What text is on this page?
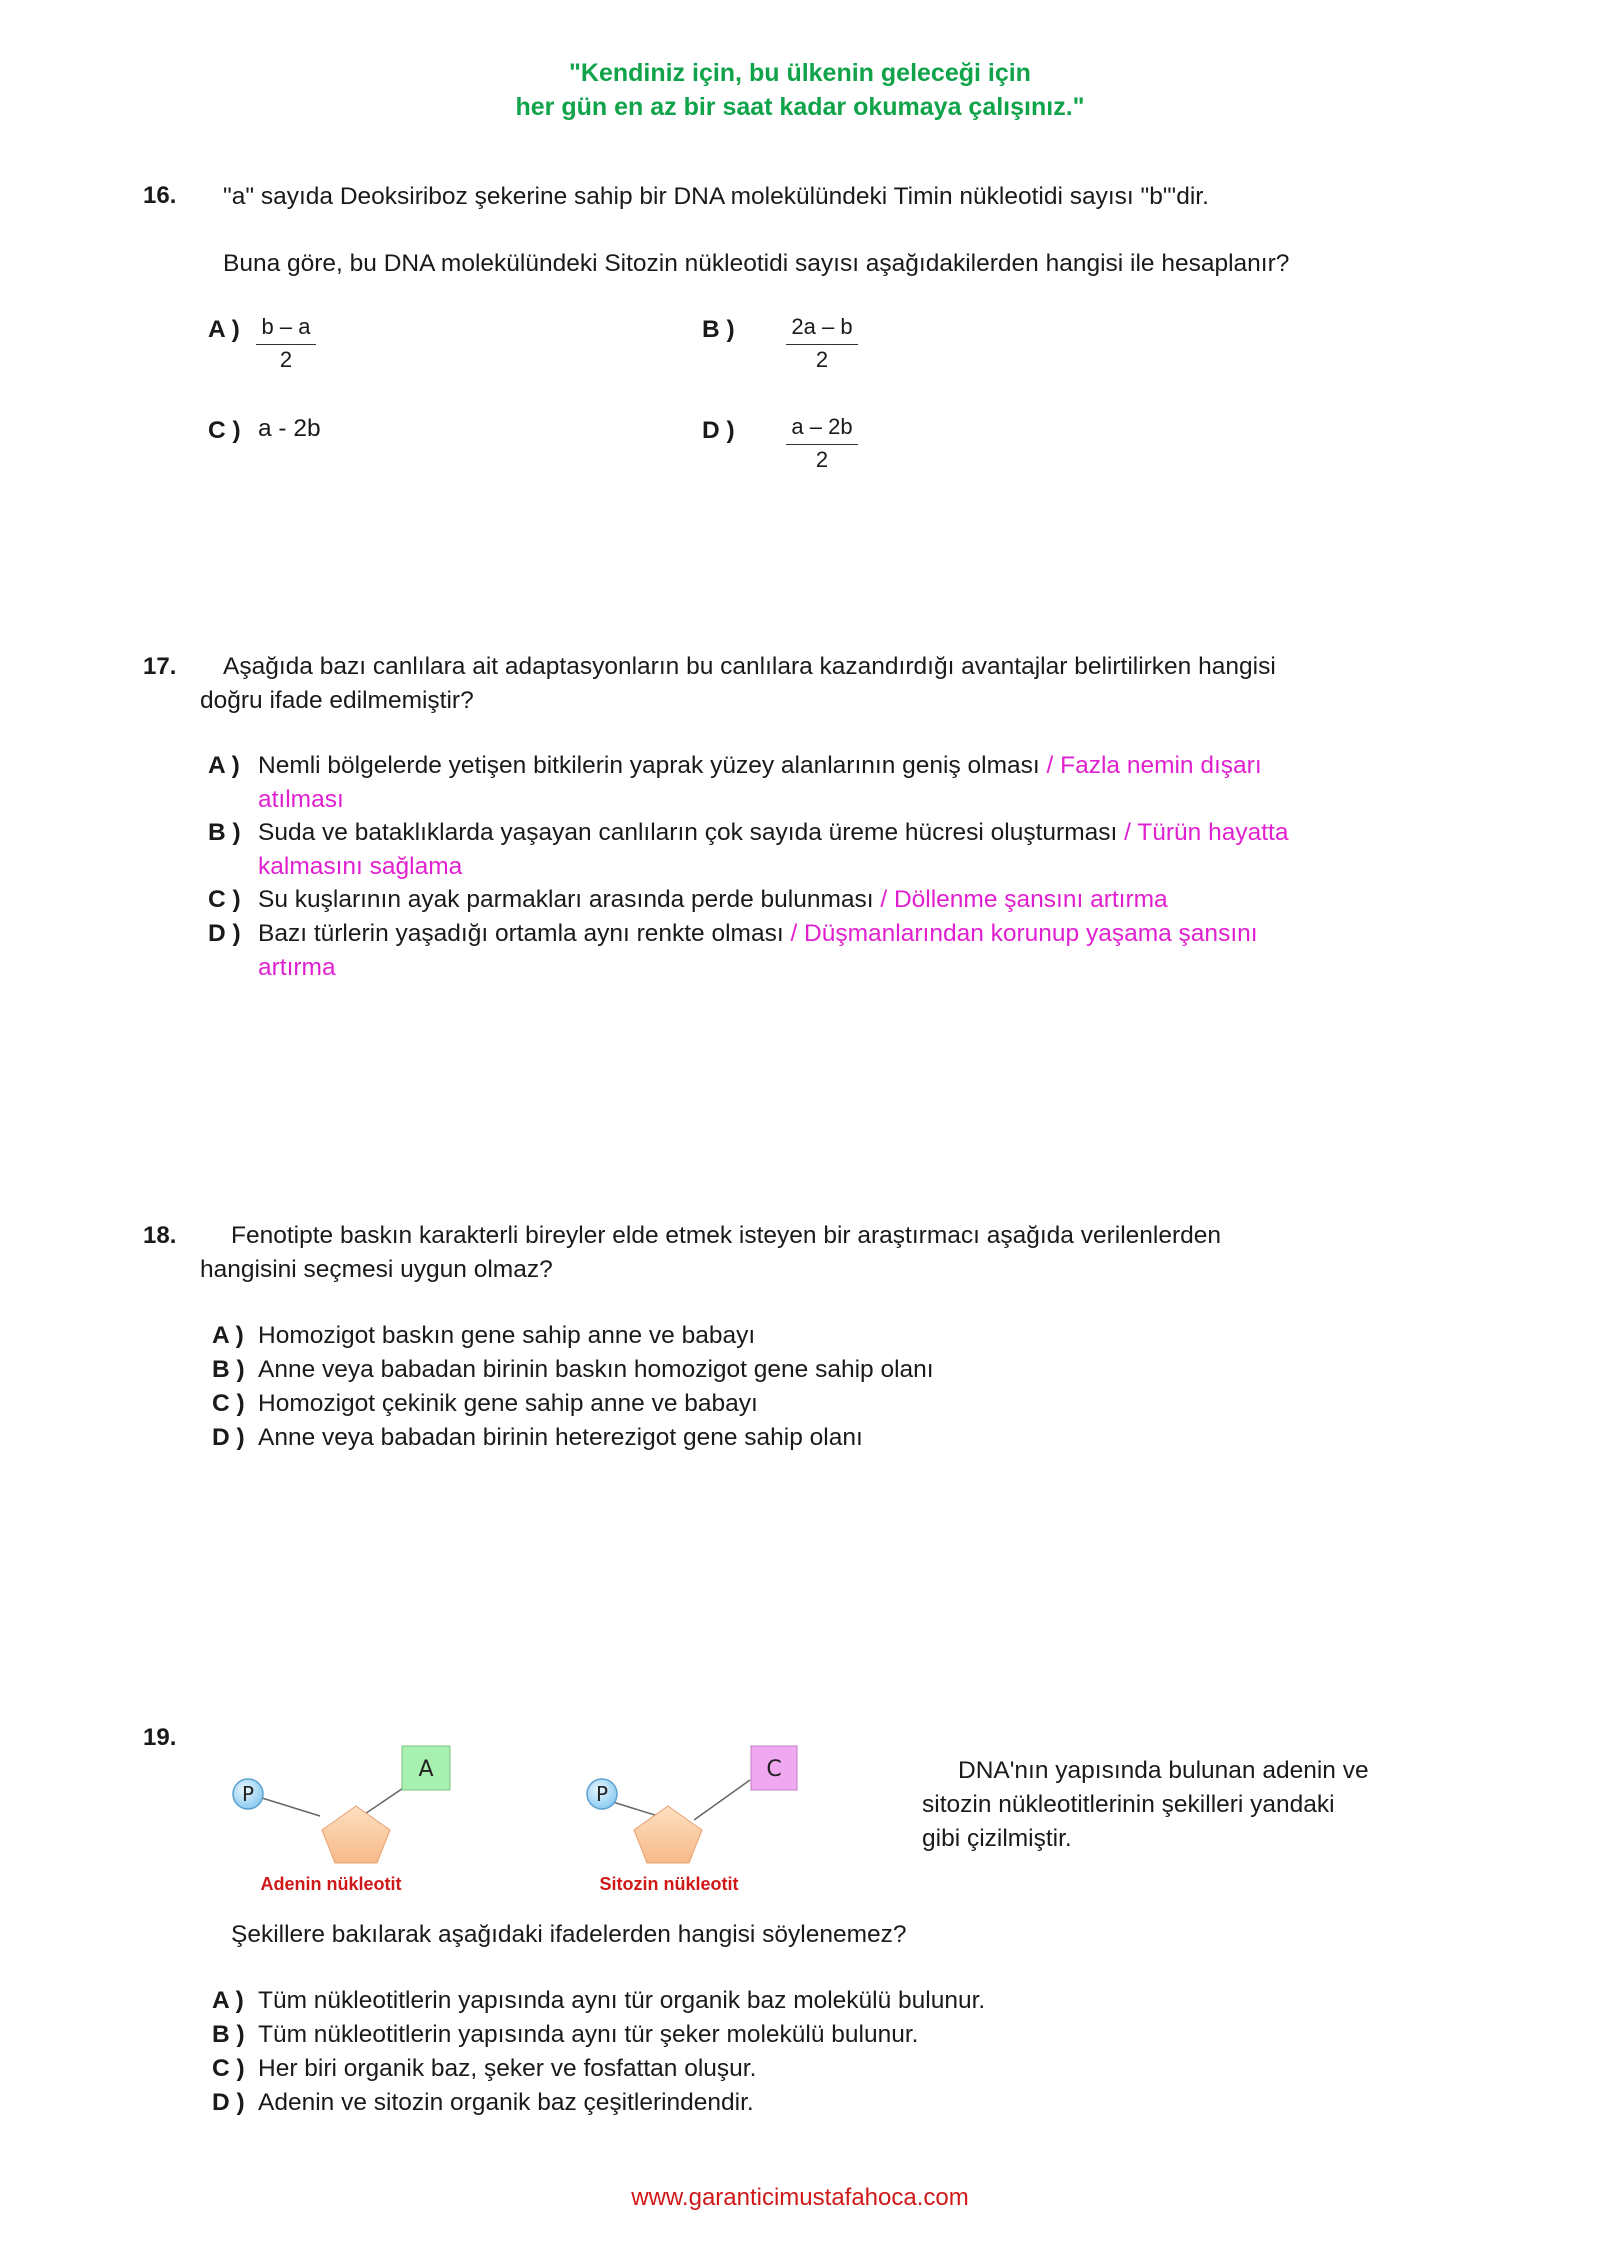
"Kendiniz için, bu ülkenin geleceği için
her gün en az bir saat kadar okumaya çalışınız."
16. "a" sayıda Deoksiriboz şekerine sahip bir DNA molekülündeki Timin nükleotidi sayısı "b"'dir.
Buna göre, bu DNA molekülündeki Sitozin nükleotidi sayısı aşağıdakilerden hangisi ile hesaplanır?
A ) $\frac{b - a}{2}$	B ) $\frac{2a - b}{2}$
C ) a - 2b	D ) $\frac{a - 2b}{2}$
17. Aşağıda bazı canlılara ait adaptasyonların bu canlılara kazandırdığı avantajlar belirtilirken hangisi
doğru ifade edilmemiştir?
A ) Nemli bölgelerde yetişen bitkilerin yaprak yüzey alanlarının geniş olması / Fazla nemin dışarı
atılması
B ) Suda ve bataklıklarda yaşayan canlıların çok sayıda üreme hücresi oluşturması / Türün hayatta
kalmasını sağlama
C ) Su kuşlarının ayak parmakları arasında perde bulunması / Döllenme şansını artırma
D ) Bazı türlerin yaşadığı ortamla aynı renkte olması / Düşmanlarından korunup yaşama şansını
artırma
18. Fenotipte baskın karakterli bireyler elde etmek isteyen bir araştırmacı aşağıda verilenlerden
hangisini seçmesi uygun olmaz?
A ) Homozigot baskın gene sahip anne ve babayı
B ) Anne veya babadan birinin baskın homozigot gene sahip olanı
C ) Homozigot çekinik gene sahip anne ve babayı
D ) Anne veya babadan birinin heterezigot gene sahip olanı
19.
P
A
Adenin nükleotit
P
C
Sitozin nükleotit
DNA'nın yapısında bulunan adenin ve
sitozin nükleotitlerinin şekilleri yandaki
gibi çizilmiştir.
Şekillere bakılarak aşağıdaki ifadelerden hangisi söylenemez?
A ) Tüm nükleotitlerin yapısında aynı tür organik baz molekülü bulunur.
B ) Tüm nükleotitlerin yapısında aynı tür şeker molekülü bulunur.
C ) Her biri organik baz, şeker ve fosfattan oluşur.
D ) Adenin ve sitozin organik baz çeşitlerindendir.
www.garanticimustafahoca.com
